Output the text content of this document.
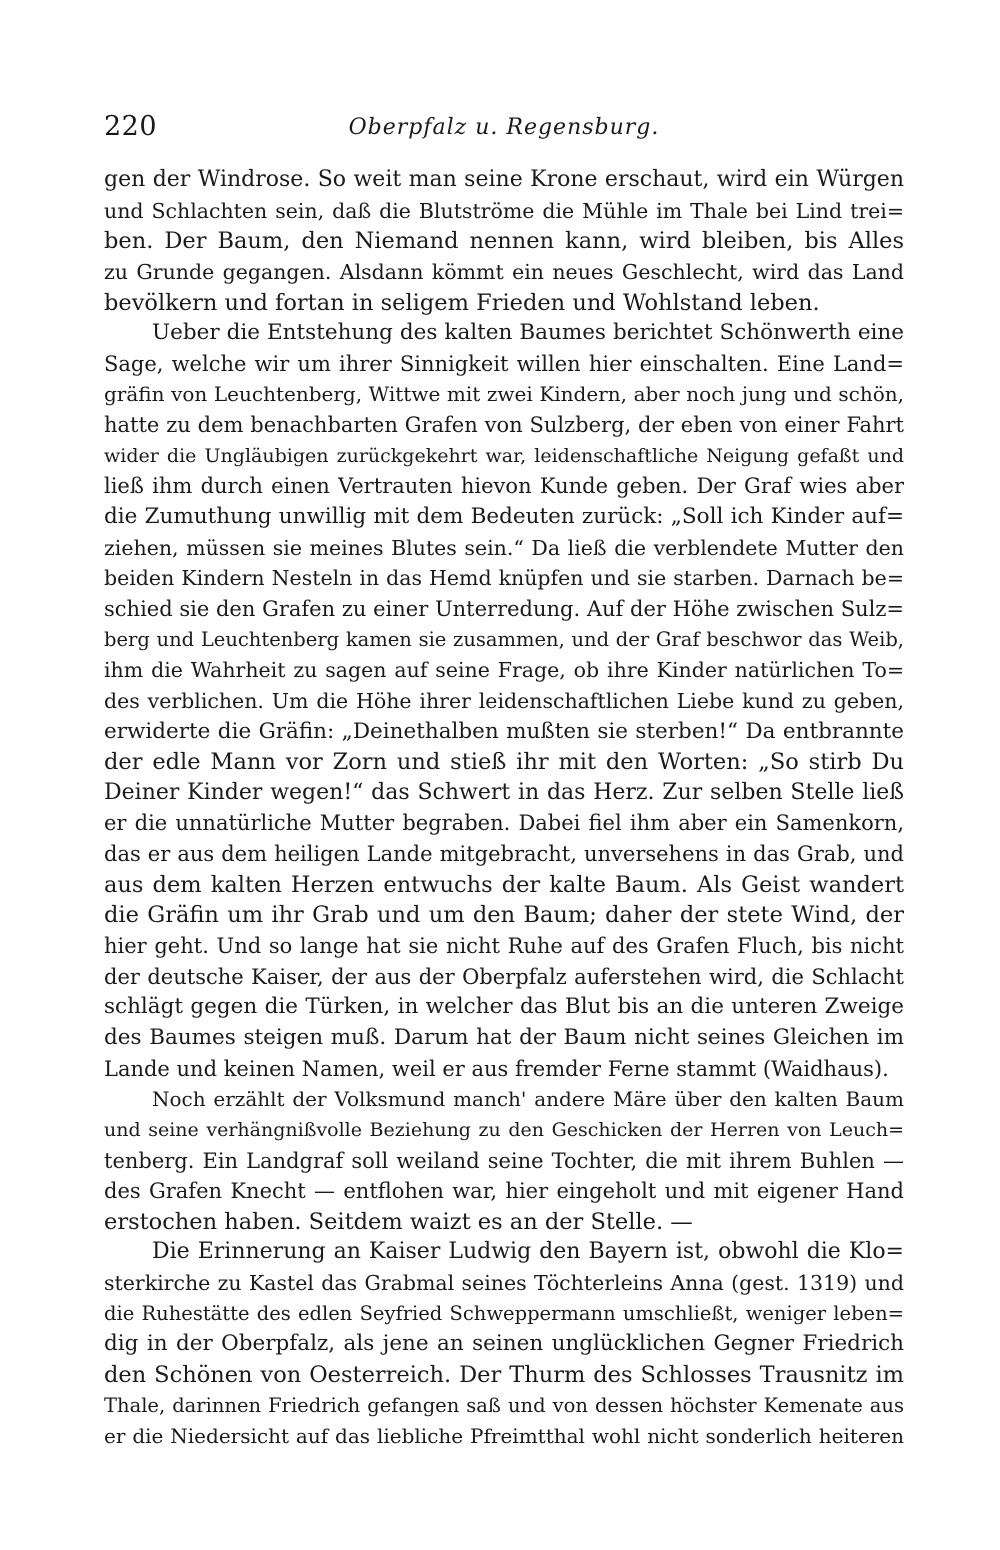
220	Oberpfalz u. Regensburg.
gen der Windrose. So weit man seine Krone erschaut, wird ein Würgen
und Schlachten sein, daß die Blutströme die Mühle im Thale bei Lind trei=
ben. Der Baum, den Niemand nennen kann, wird bleiben, bis Alles
zu Grunde gegangen. Alsdann kömmt ein neues Geschlecht, wird das Land
bevölkern und fortan in seligem Frieden und Wohlstand leben.
Ueber die Entstehung des kalten Baumes berichtet Schönwerth eine
Sage, welche wir um ihrer Sinnigkeit willen hier einschalten. Eine Land=
gräfin von Leuchtenberg, Wittwe mit zwei Kindern, aber noch jung und schön,
hatte zu dem benachbarten Grafen von Sulzberg, der eben von einer Fahrt
wider die Ungläubigen zurückgekehrt war, leidenschaftliche Neigung gefaßt und
ließ ihm durch einen Vertrauten hievon Kunde geben. Der Graf wies aber
die Zumuthung unwillig mit dem Bedeuten zurück: „Soll ich Kinder auf=
ziehen, müssen sie meines Blutes sein.“ Da ließ die verblendete Mutter den
beiden Kindern Nesteln in das Hemd knüpfen und sie starben. Darnach be=
schied sie den Grafen zu einer Unterredung. Auf der Höhe zwischen Sulz=
berg und Leuchtenberg kamen sie zusammen, und der Graf beschwor das Weib,
ihm die Wahrheit zu sagen auf seine Frage, ob ihre Kinder natürlichen To=
des verblichen. Um die Höhe ihrer leidenschaftlichen Liebe kund zu geben,
erwiderte die Gräfin: „Deinethalben mußten sie sterben!“ Da entbrannte
der edle Mann vor Zorn und stieß ihr mit den Worten: „So stirb Du
Deiner Kinder wegen!“ das Schwert in das Herz. Zur selben Stelle ließ
er die unnatürliche Mutter begraben. Dabei fiel ihm aber ein Samenkorn,
das er aus dem heiligen Lande mitgebracht, unversehens in das Grab, und
aus dem kalten Herzen entwuchs der kalte Baum. Als Geist wandert
die Gräfin um ihr Grab und um den Baum; daher der stete Wind, der
hier geht. Und so lange hat sie nicht Ruhe auf des Grafen Fluch, bis nicht
der deutsche Kaiser, der aus der Oberpfalz auferstehen wird, die Schlacht
schlägt gegen die Türken, in welcher das Blut bis an die unteren Zweige
des Baumes steigen muß. Darum hat der Baum nicht seines Gleichen im
Lande und keinen Namen, weil er aus fremder Ferne stammt (Waidhaus).
Noch erzählt der Volksmund manch' andere Märe über den kalten Baum
und seine verhängnißvolle Beziehung zu den Geschicken der Herren von Leuch=
tenberg. Ein Landgraf soll weiland seine Tochter, die mit ihrem Buhlen —
des Grafen Knecht — entflohen war, hier eingeholt und mit eigener Hand
erstochen haben. Seitdem waizt es an der Stelle. —
Die Erinnerung an Kaiser Ludwig den Bayern ist, obwohl die Klo=
sterkirche zu Kastel das Grabmal seines Töchterleins Anna (gest. 1319) und
die Ruhestätte des edlen Seyfried Schweppermann umschließt, weniger leben=
dig in der Oberpfalz, als jene an seinen unglücklichen Gegner Friedrich
den Schönen von Oesterreich. Der Thurm des Schlosses Trausnitz im
Thale, darinnen Friedrich gefangen saß und von dessen höchster Kemenate aus
er die Niedersicht auf das liebliche Pfreimtthal wohl nicht sonderlich heiteren
